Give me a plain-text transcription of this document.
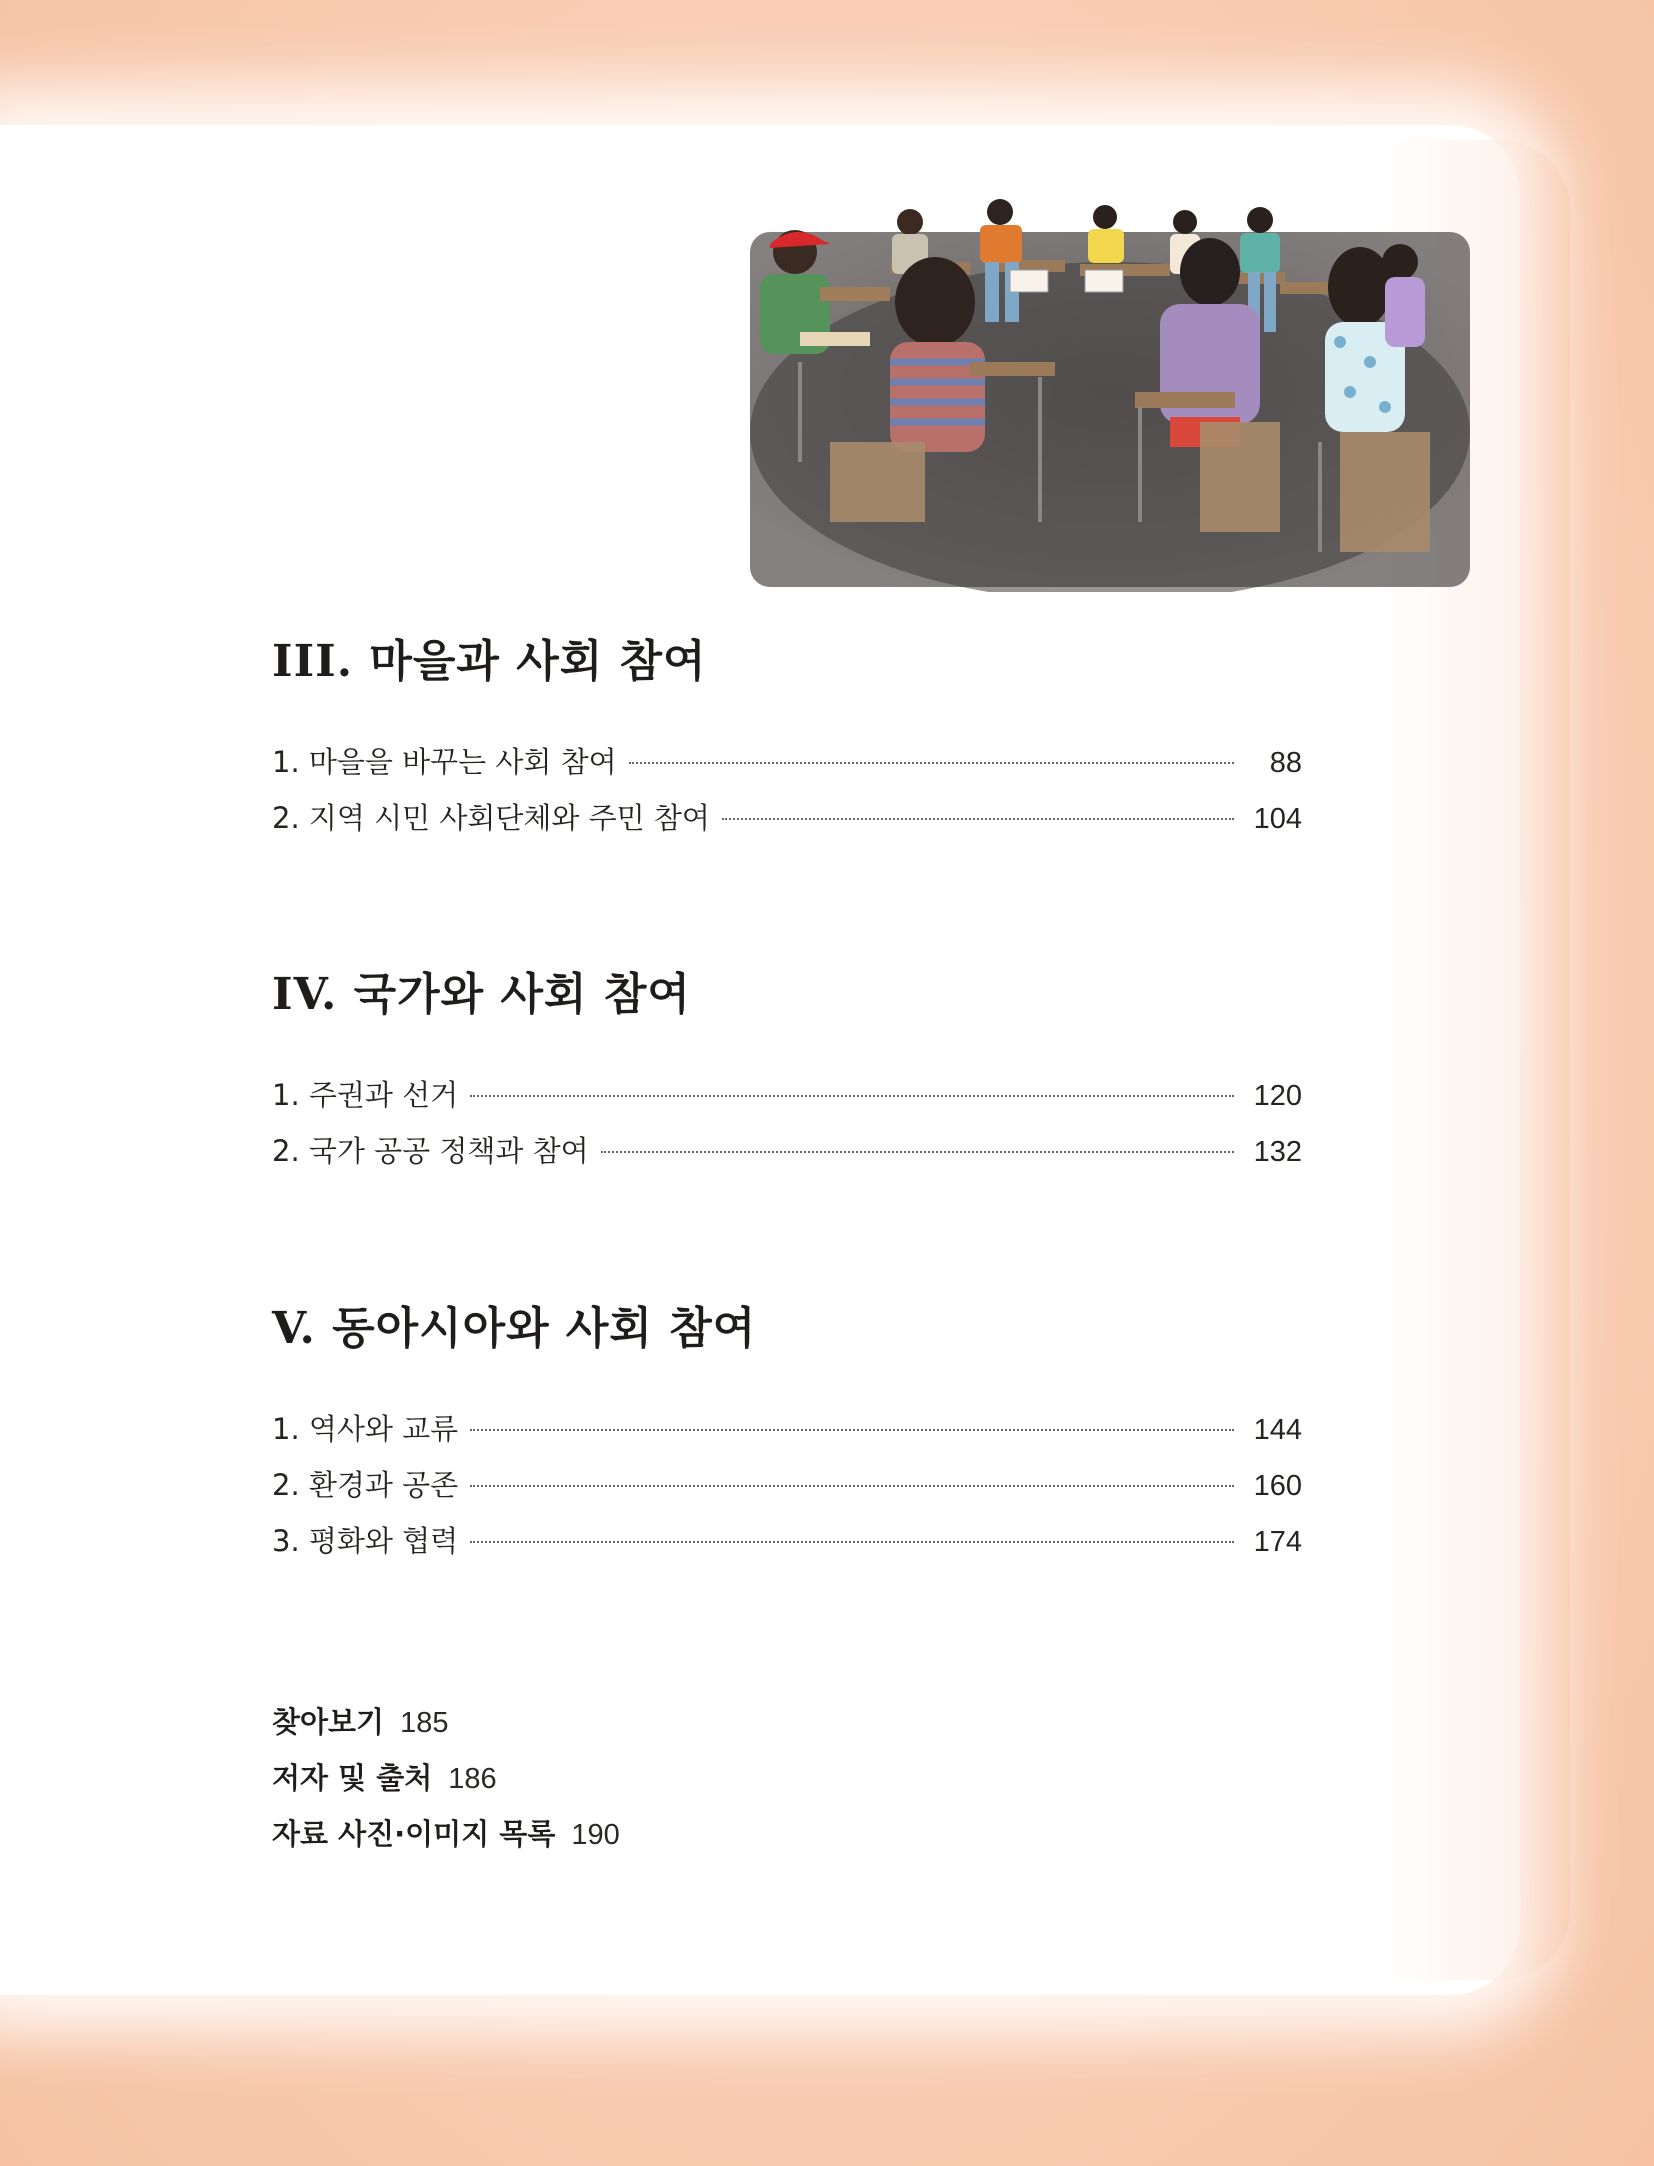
III. 마을과 사회 참여
1. 마을을 바꾸는 사회 참여	88
2. 지역 시민 사회단체와 주민 참여	104
IV. 국가와 사회 참여
1. 주권과 선거	120
2. 국가 공공 정책과 참여	132
V. 동아시아와 사회 참여
1. 역사와 교류	144
2. 환경과 공존	160
3. 평화와 협력	174
찾아보기 185
저자 및 출처 186
자료 사진·이미지 목록 190
